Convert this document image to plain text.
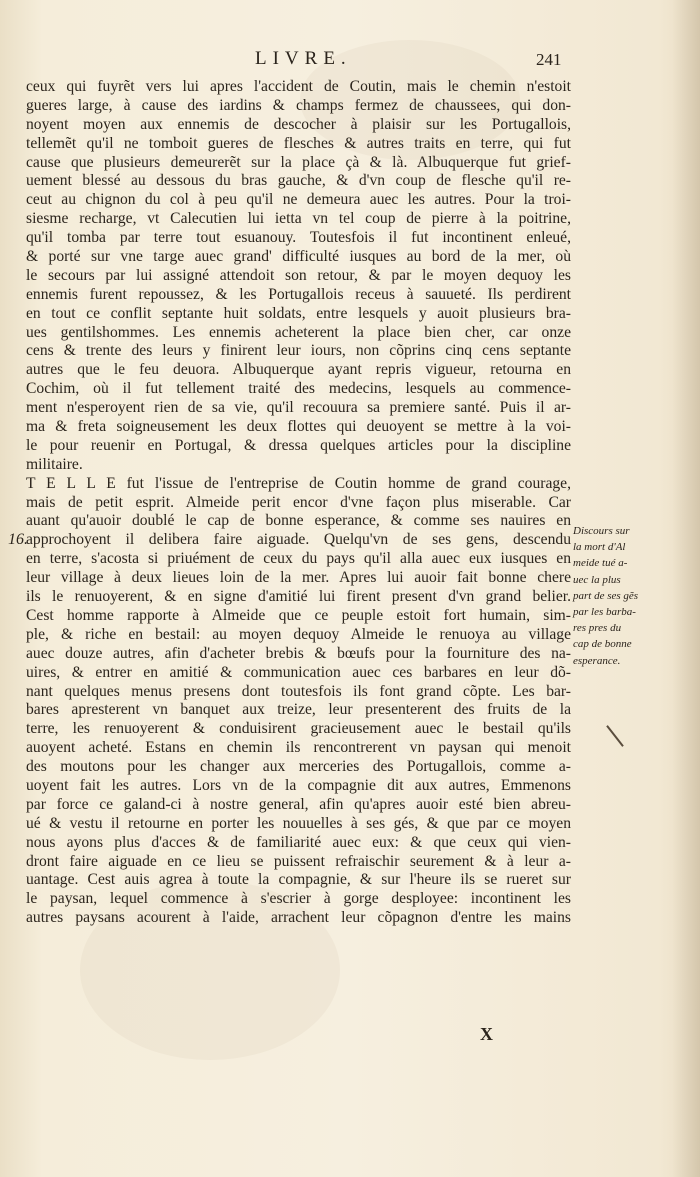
LIVRE.	241
16.
ceux qui fuyrẽt vers lui apres l'accident de Coutin, mais le chemin n'estoit
gueres large, à cause des iardins & champs fermez de chaussees, qui don-
noyent moyen aux ennemis de descocher à plaisir sur les Portugallois,
tellemẽt qu'il ne tomboit gueres de flesches & autres traits en terre, qui fut
cause que plusieurs demeurerẽt sur la place çà & là. Albuquerque fut grief-
uement blessé au dessous du bras gauche, & d'vn coup de flesche qu'il re-
ceut au chignon du col à peu qu'il ne demeura auec les autres. Pour la troi-
siesme recharge, vt Calecutien lui ietta vn tel coup de pierre à la poitrine,
qu'il tomba par terre tout esuanouy. Toutesfois il fut incontinent enleué,
& porté sur vne targe auec grand' difficulté iusques au bord de la mer, où
le secours par lui assigné attendoit son retour, & par le moyen dequoy les
ennemis furent repoussez, & les Portugallois receus à sauueté. Ils perdirent
en tout ce conflit septante huit soldats, entre lesquels y auoit plusieurs bra-
ues gentilshommes. Les ennemis acheterent la place bien cher, car onze
cens & trente des leurs y finirent leur iours, non cõprins cinq cens septante
autres que le feu deuora. Albuquerque ayant repris vigueur, retourna en
Cochim, où il fut tellement traité des medecins, lesquels au commence-
ment n'esperoyent rien de sa vie, qu'il recouura sa premiere santé. Puis il ar-
ma & freta soigneusement les deux flottes qui deuoyent se mettre à la voi-
le pour reuenir en Portugal, & dressa quelques articles pour la discipline
militaire.
T E L L E fut l'issue de l'entreprise de Coutin homme de grand courage,
mais de petit esprit. Almeide perit encor d'vne façon plus miserable. Car
auant qu'auoir doublé le cap de bonne esperance, & comme ses nauires en
approchoyent il delibera faire aiguade. Quelqu'vn de ses gens, descendu
en terre, s'acosta si priuément de ceux du pays qu'il alla auec eux iusques en
leur village à deux lieues loin de la mer. Apres lui auoir fait bonne chere
ils le renuoyerent, & en signe d'amitié lui firent present d'vn grand belier.
Cest homme rapporte à Almeide que ce peuple estoit fort humain, sim-
ple, & riche en bestail: au moyen dequoy Almeide le renuoya au village
auec douze autres, afin d'acheter brebis & bœufs pour la fourniture des na-
uires, & entrer en amitié & communication auec ces barbares en leur dõ-
nant quelques menus presens dont toutesfois ils font grand cõpte. Les bar-
bares apresterent vn banquet aux treize, leur presenterent des fruits de la
terre, les renuoyerent & conduisirent gracieusement auec le bestail qu'ils
auoyent acheté. Estans en chemin ils rencontrerent vn paysan qui menoit
des moutons pour les changer aux merceries des Portugallois, comme a-
uoyent fait les autres. Lors vn de la compagnie dit aux autres, Emmenons
par force ce galand-ci à nostre general, afin qu'apres auoir esté bien abreu-
ué & vestu il retourne en porter les nouuelles à ses gés, & que par ce moyen
nous ayons plus d'acces & de familiarité auec eux: & que ceux qui vien-
dront faire aiguade en ce lieu se puissent refraischir seurement & à leur a-
uantage. Cest auis agrea à toute la compagnie, & sur l'heure ils se rueret sur
le paysan, lequel commence à s'escrier à gorge desployee: incontinent les
autres paysans acourent à l'aide, arrachent leur cõpagnon d'entre les mains
Discours sur
la mort d'Al
meide tué a-
uec la plus
part de ses gẽs
par les barba-
res pres du
cap de bonne
esperance.
X
